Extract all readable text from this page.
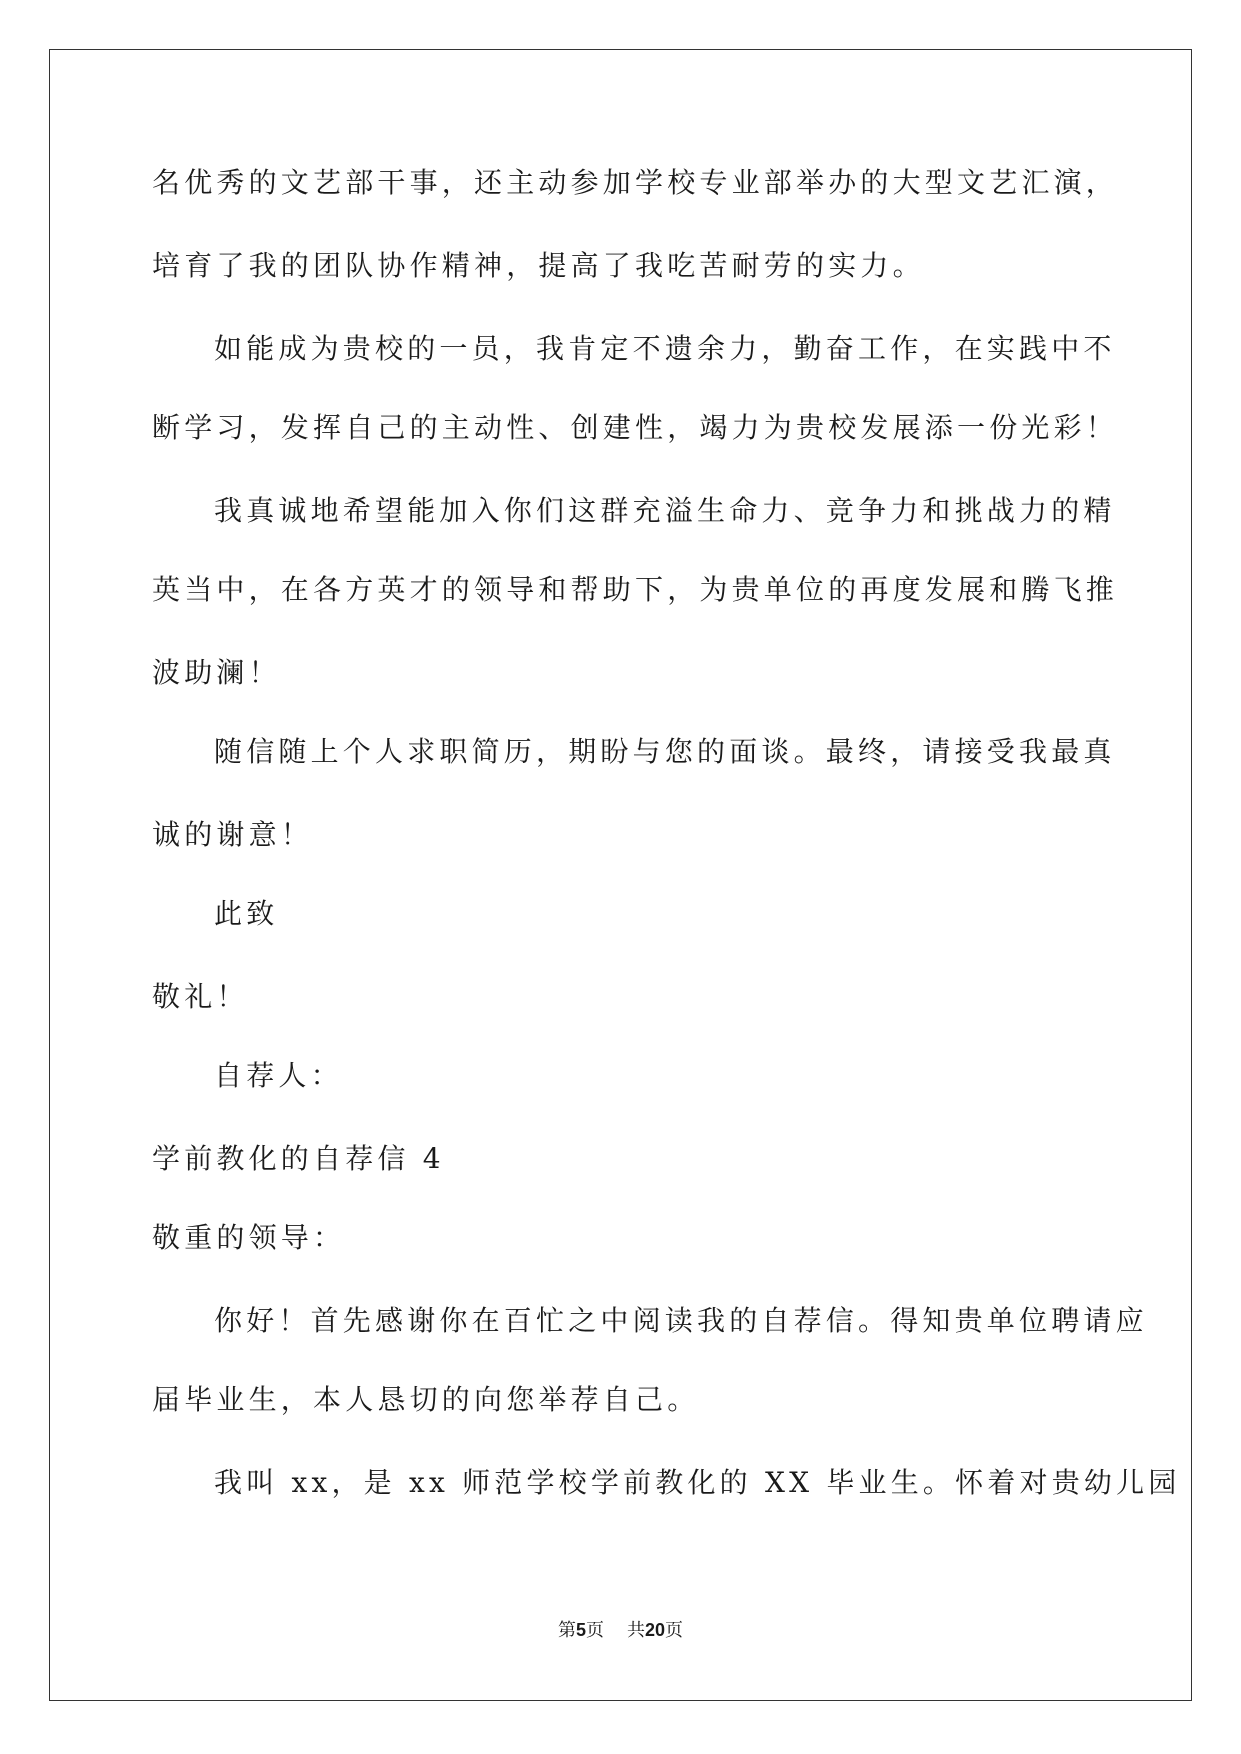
名优秀的文艺部干事，还主动参加学校专业部举办的大型文艺汇演，
培育了我的团队协作精神，提高了我吃苦耐劳的实力。
如能成为贵校的一员，我肯定不遗余力，勤奋工作，在实践中不
断学习，发挥自己的主动性、创建性，竭力为贵校发展添一份光彩！
我真诚地希望能加入你们这群充溢生命力、竞争力和挑战力的精
英当中，在各方英才的领导和帮助下，为贵单位的再度发展和腾飞推
波助澜！
随信随上个人求职简历，期盼与您的面谈。最终，请接受我最真
诚的谢意！
此致
敬礼！
自荐人：
学前教化的自荐信 4
敬重的领导：
你好！首先感谢你在百忙之中阅读我的自荐信。得知贵单位聘请应
届毕业生，本人恳切的向您举荐自己。
我叫 xx，是 xx 师范学校学前教化的 XX 毕业生。怀着对贵幼儿园
第5页 共20页
